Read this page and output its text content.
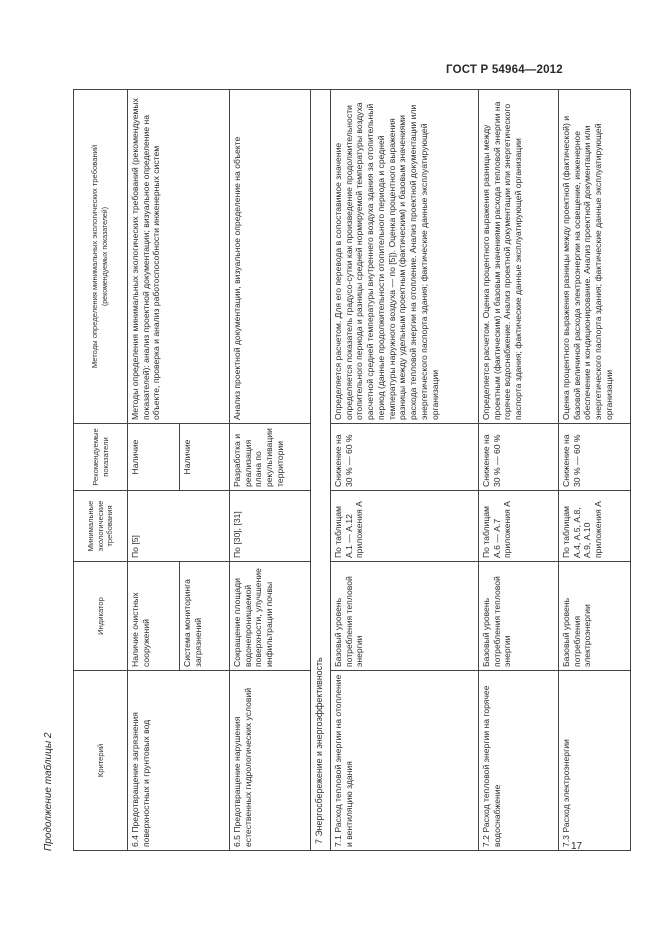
ГОСТ Р 54964—2012
Продолжение таблицы 2	Критерий	Индикатор	Минимальные экологические требования	Рекомендуемые показатели	Методы определения минимальных экологических требований (рекомендуемых показателей)

6.4 Предотвращение загрязнения поверхностных и грунтовых вод	Наличие очистных сооружений	По [5]	Наличие	Методы определения минимальных экологических требований (рекомендуемых показателей): анализ проектной документации; визуальное определение на объекте, проверка и анализ работоспособности инженерных систем
	Система мониторинга загрязнений		Наличие	
6.5 Предотвращение нарушения естественных гидрологических условий	Сокращение площади водонепроницаемой поверхности, улучшение инфильтрации почвы	По [30], [31]	Разработка и реализация плана по рекультивации территории	Анализ проектной документации, визуальное определение на объекте
7 Энергосбережение и энергоэффективность				
7.1 Расход тепловой энергии на отопление и вентиляцию здания	Базовый уровень потребления тепловой энергии	По таблицам А.1 — А.12 приложения А	Снижение на 30 % — 60 %	Определяется расчетом. Для его перевода в сопоставимое значение определяется показатель градусо-сутки как произведение продолжительности отопительного периода и разницы средней нормируемой температуры воздуха расчетной средней температуры внутреннего воздуха здания за отопительный период (данные продолжительности отопительного периода и средней температуры наружного воздуха — по [5]). Оценка процентного выражения разницы между удельным проектным (фактическим) и базовым значениями расхода тепловой энергии на отопление. Анализ проектной документации или энергетического паспорта здания; фактические данные эксплуатирующей организации
7.2 Расход тепловой энергии на горячее водоснабжение	Базовый уровень потребления тепловой энергии	По таблицам А.6 — А.7 приложения А	Снижение на 30 % — 60 %	Определяется расчетом. Оценка процентного выражения разницы между проектным (фактическим) и базовым значениями расхода тепловой энергии на горячее водоснабжение. Анализ проектной документации или энергетического паспорта здания; фактические данные эксплуатирующей организации
7.3 Расход электроэнергии	Базовый уровень потребления электроэнергии	По таблицам А.4, А.5, А.8, А.9, А.10 приложения А	Снижение на 30 % — 60 %	Оценка процентного выражения разницы между проектной (фактической) и базовой величиной расхода электроэнергии на освещение, инженерное обеспечение и кондиционирование. Анализ проектной документации или энергетического паспорта здания; фактические данные эксплуатирующей организации
17
